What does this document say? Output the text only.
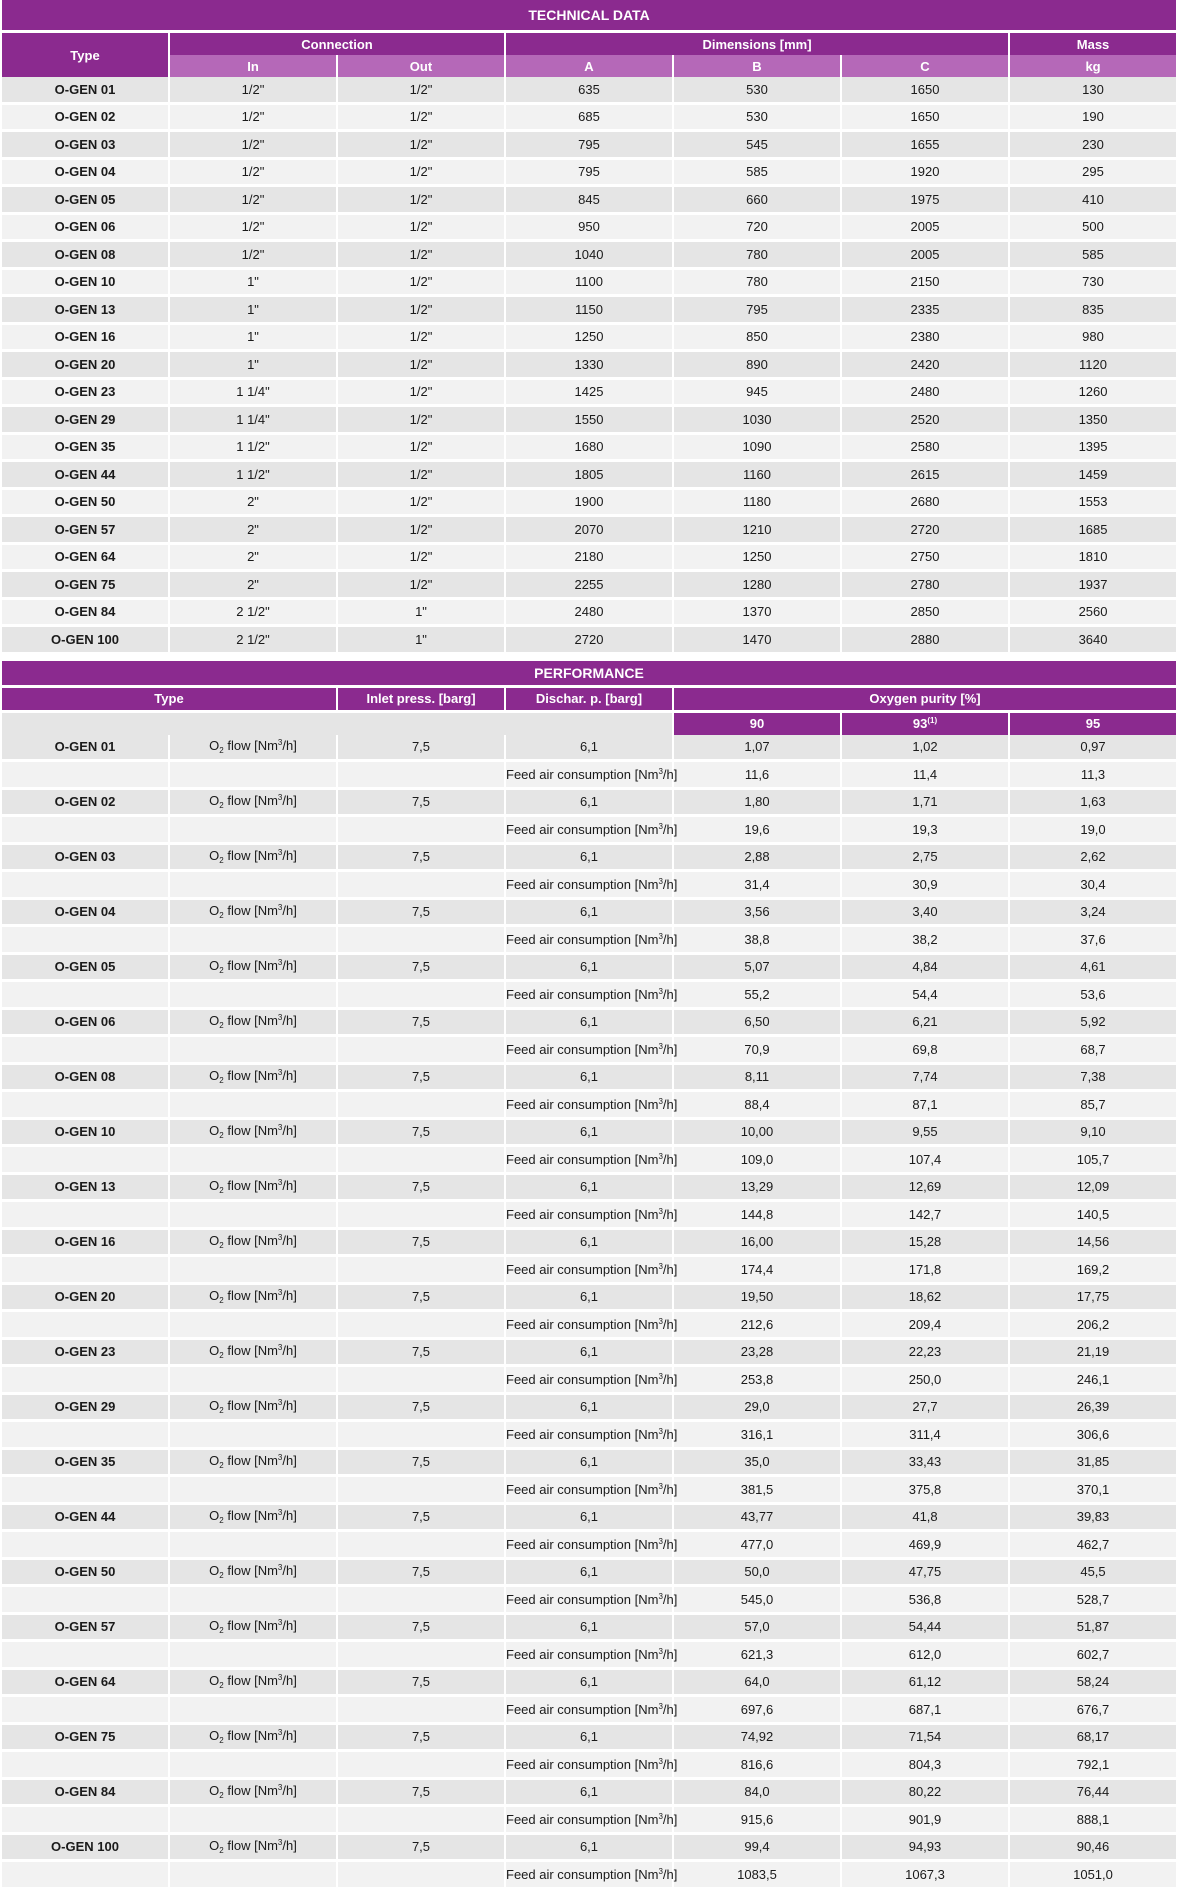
TECHNICAL DATA						

Type	Connection		Dimensions [mm]			Mass
	In	Out	A	B	C	kg
O-GEN 01	1/2"	1/2"	635	530	1650	130

O-GEN 02	1/2"	1/2"	685	530	1650	190

O-GEN 03	1/2"	1/2"	795	545	1655	230

O-GEN 04	1/2"	1/2"	795	585	1920	295

O-GEN 05	1/2"	1/2"	845	660	1975	410

O-GEN 06	1/2"	1/2"	950	720	2005	500

O-GEN 08	1/2"	1/2"	1040	780	2005	585

O-GEN 10	1"	1/2"	1100	780	2150	730

O-GEN 13	1"	1/2"	1150	795	2335	835

O-GEN 16	1"	1/2"	1250	850	2380	980

O-GEN 20	1"	1/2"	1330	890	2420	1120

O-GEN 23	1 1/4"	1/2"	1425	945	2480	1260

O-GEN 29	1 1/4"	1/2"	1550	1030	2520	1350

O-GEN 35	1 1/2"	1/2"	1680	1090	2580	1395

O-GEN 44	1 1/2"	1/2"	1805	1160	2615	1459

O-GEN 50	2"	1/2"	1900	1180	2680	1553

O-GEN 57	2"	1/2"	2070	1210	2720	1685

O-GEN 64	2"	1/2"	2180	1250	2750	1810

O-GEN 75	2"	1/2"	2255	1280	2780	1937

O-GEN 84	2 1/2"	1"	2480	1370	2850	2560

O-GEN 100	2 1/2"	1"	2720	1470	2880	3640

PERFORMANCE						

Type		Inlet press. [barg]	Dischar. p. [barg]	Oxygen purity [%]		

				90	93$^{(1)}$	95
O-GEN 01	$O_2$ flow [Nm$^3$/h]	7,5	6,1	1,07	1,02	0,97

			Feed air consumption [Nm$^3$/h]	11,6	11,4	11,3

O-GEN 02	$O_2$ flow [Nm$^3$/h]	7,5	6,1	1,80	1,71	1,63

			Feed air consumption [Nm$^3$/h]	19,6	19,3	19,0

O-GEN 03	$O_2$ flow [Nm$^3$/h]	7,5	6,1	2,88	2,75	2,62

			Feed air consumption [Nm$^3$/h]	31,4	30,9	30,4

O-GEN 04	$O_2$ flow [Nm$^3$/h]	7,5	6,1	3,56	3,40	3,24

			Feed air consumption [Nm$^3$/h]	38,8	38,2	37,6

O-GEN 05	$O_2$ flow [Nm$^3$/h]	7,5	6,1	5,07	4,84	4,61

			Feed air consumption [Nm$^3$/h]	55,2	54,4	53,6

O-GEN 06	$O_2$ flow [Nm$^3$/h]	7,5	6,1	6,50	6,21	5,92

			Feed air consumption [Nm$^3$/h]	70,9	69,8	68,7

O-GEN 08	$O_2$ flow [Nm$^3$/h]	7,5	6,1	8,11	7,74	7,38

			Feed air consumption [Nm$^3$/h]	88,4	87,1	85,7

O-GEN 10	$O_2$ flow [Nm$^3$/h]	7,5	6,1	10,00	9,55	9,10

			Feed air consumption [Nm$^3$/h]	109,0	107,4	105,7

O-GEN 13	$O_2$ flow [Nm$^3$/h]	7,5	6,1	13,29	12,69	12,09

			Feed air consumption [Nm$^3$/h]	144,8	142,7	140,5

O-GEN 16	$O_2$ flow [Nm$^3$/h]	7,5	6,1	16,00	15,28	14,56

			Feed air consumption [Nm$^3$/h]	174,4	171,8	169,2

O-GEN 20	$O_2$ flow [Nm$^3$/h]	7,5	6,1	19,50	18,62	17,75

			Feed air consumption [Nm$^3$/h]	212,6	209,4	206,2

O-GEN 23	$O_2$ flow [Nm$^3$/h]	7,5	6,1	23,28	22,23	21,19

			Feed air consumption [Nm$^3$/h]	253,8	250,0	246,1

O-GEN 29	$O_2$ flow [Nm$^3$/h]	7,5	6,1	29,0	27,7	26,39

			Feed air consumption [Nm$^3$/h]	316,1	311,4	306,6

O-GEN 35	$O_2$ flow [Nm$^3$/h]	7,5	6,1	35,0	33,43	31,85

			Feed air consumption [Nm$^3$/h]	381,5	375,8	370,1

O-GEN 44	$O_2$ flow [Nm$^3$/h]	7,5	6,1	43,77	41,8	39,83

			Feed air consumption [Nm$^3$/h]	477,0	469,9	462,7

O-GEN 50	$O_2$ flow [Nm$^3$/h]	7,5	6,1	50,0	47,75	45,5

			Feed air consumption [Nm$^3$/h]	545,0	536,8	528,7

O-GEN 57	$O_2$ flow [Nm$^3$/h]	7,5	6,1	57,0	54,44	51,87

			Feed air consumption [Nm$^3$/h]	621,3	612,0	602,7

O-GEN 64	$O_2$ flow [Nm$^3$/h]	7,5	6,1	64,0	61,12	58,24

			Feed air consumption [Nm$^3$/h]	697,6	687,1	676,7

O-GEN 75	$O_2$ flow [Nm$^3$/h]	7,5	6,1	74,92	71,54	68,17

			Feed air consumption [Nm$^3$/h]	816,6	804,3	792,1

O-GEN 84	$O_2$ flow [Nm$^3$/h]	7,5	6,1	84,0	80,22	76,44

			Feed air consumption [Nm$^3$/h]	915,6	901,9	888,1

O-GEN 100	$O_2$ flow [Nm$^3$/h]	7,5	6,1	99,4	94,93	90,46

			Feed air consumption [Nm$^3$/h]	1083,5	1067,3	1051,0
